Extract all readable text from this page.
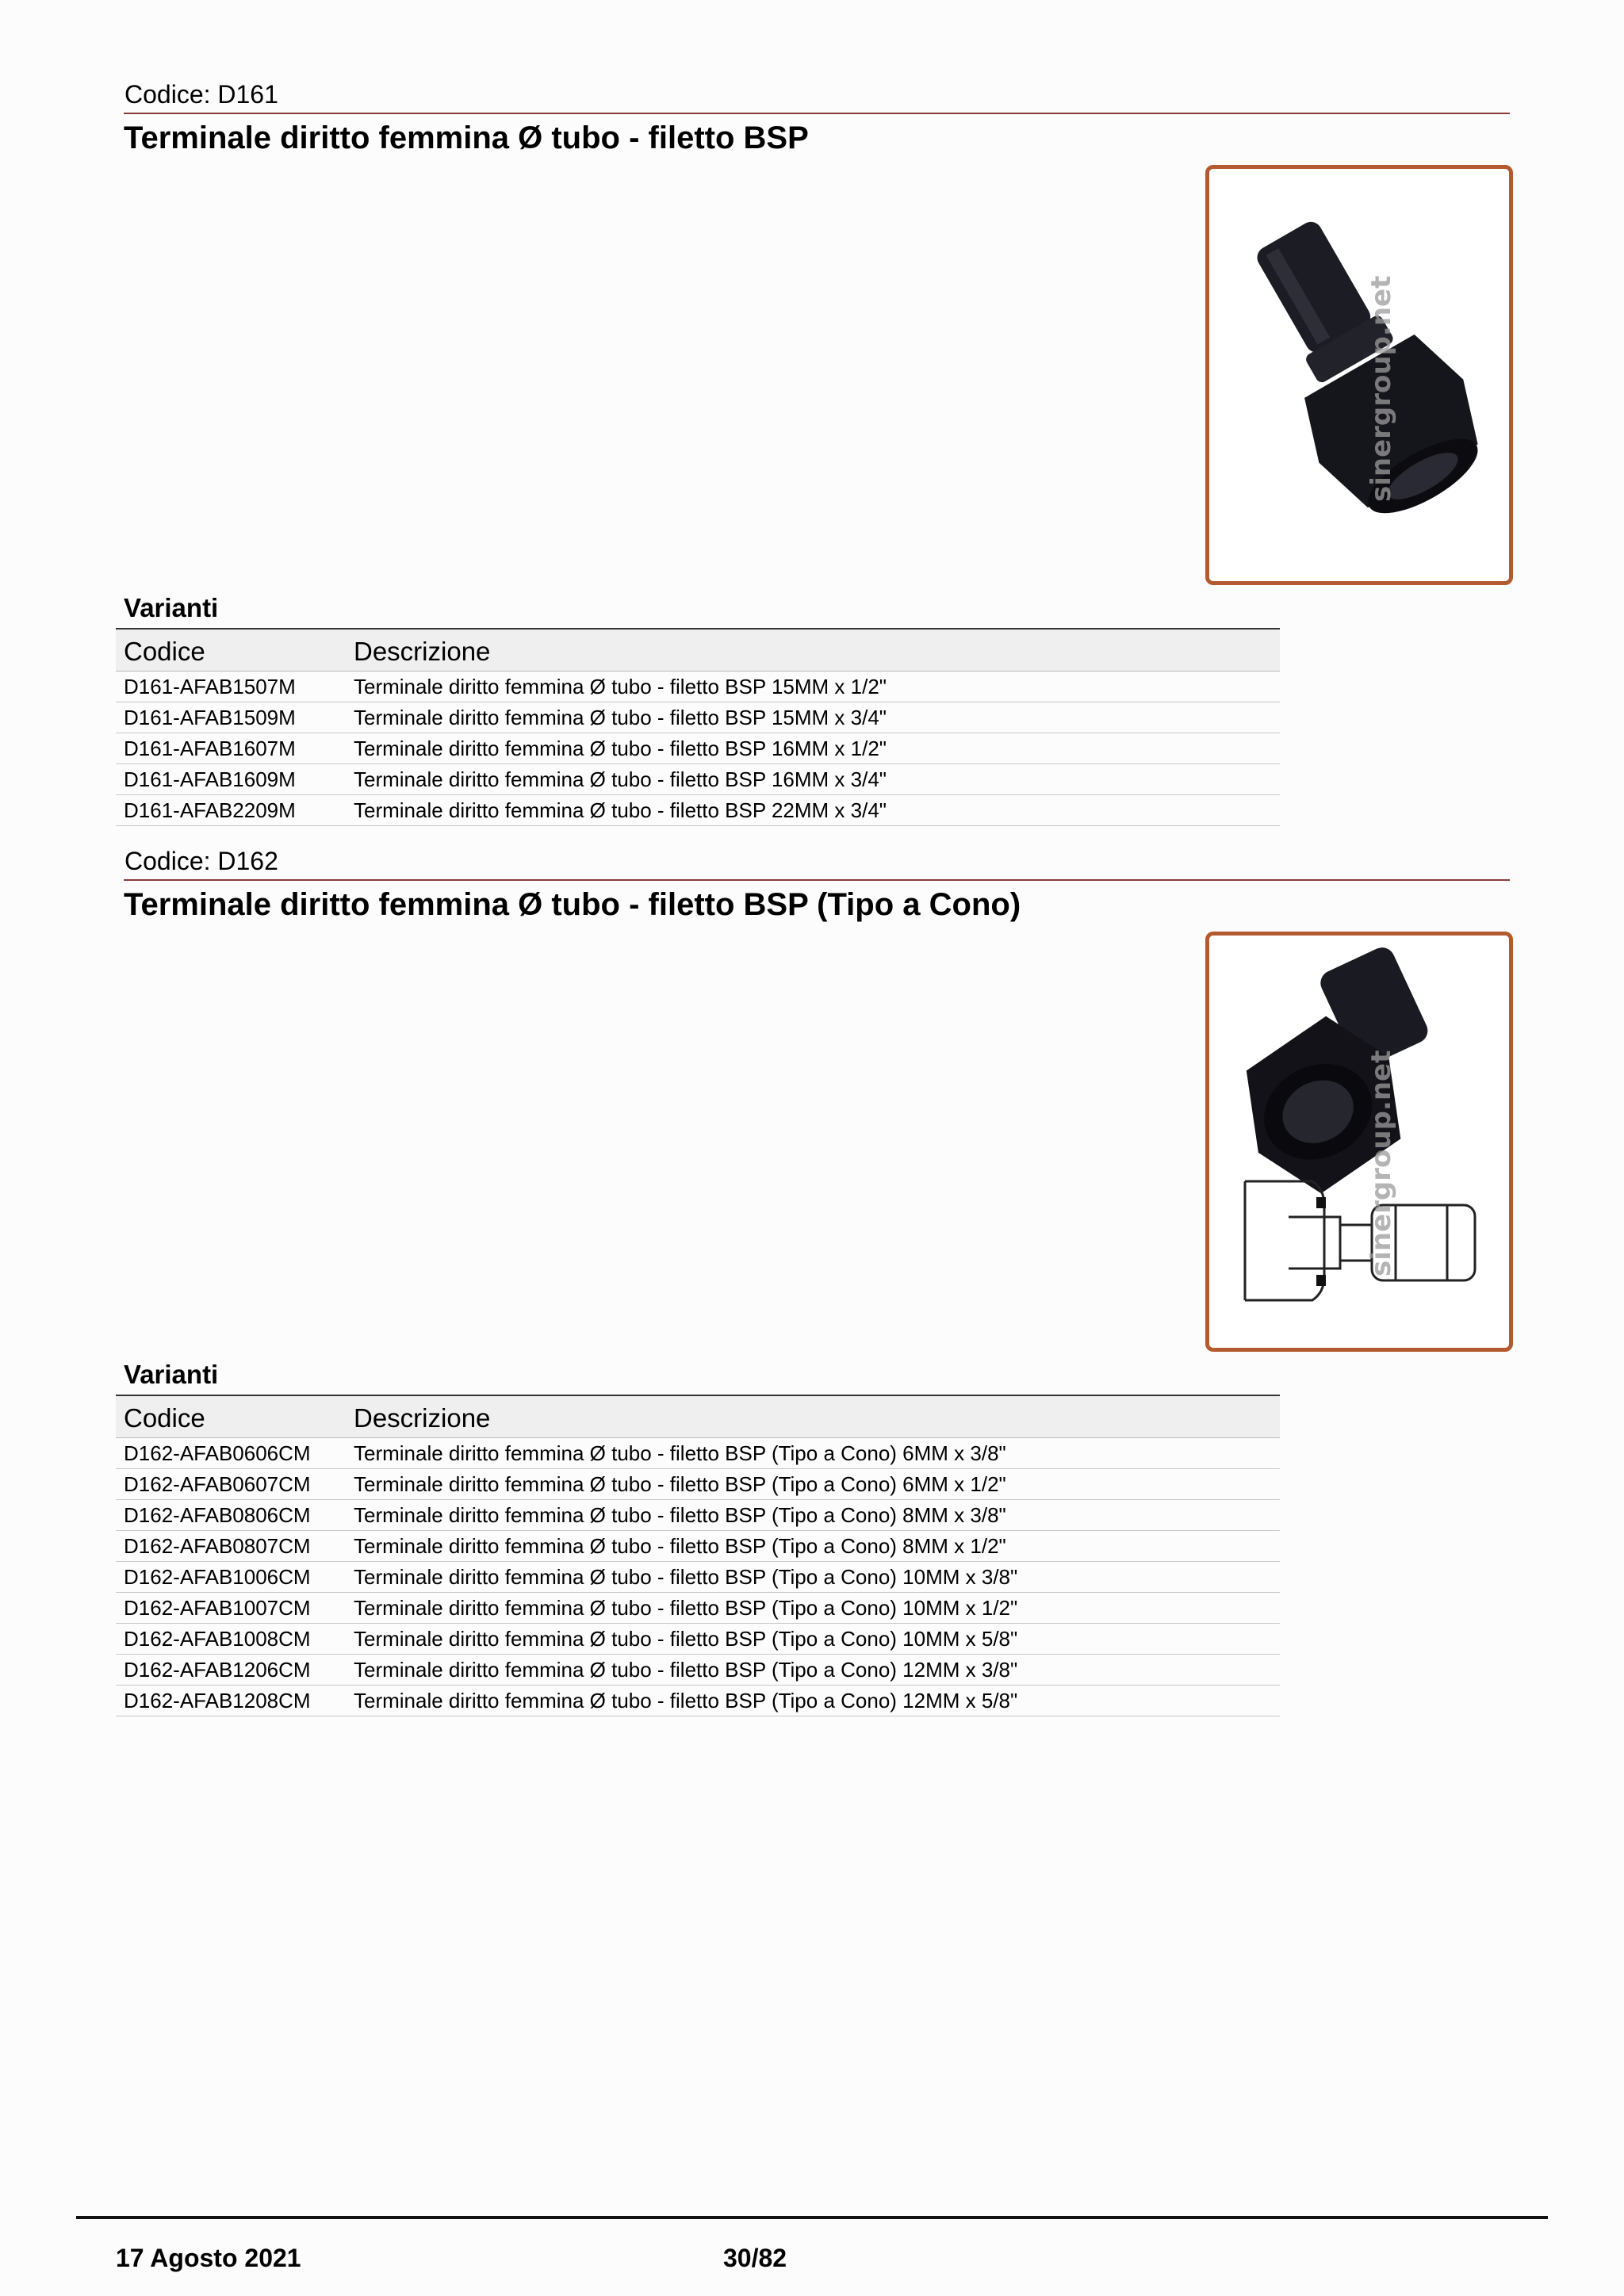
Codice: D161
Terminale diritto femmina Ø tubo - filetto BSP
sinergroup.net
Varianti
Codice	Descrizione
D161-AFAB1507M	Terminale diritto femmina Ø tubo - filetto BSP 15MM x 1/2"
D161-AFAB1509M	Terminale diritto femmina Ø tubo - filetto BSP 15MM x 3/4"
D161-AFAB1607M	Terminale diritto femmina Ø tubo - filetto BSP 16MM x 1/2"
D161-AFAB1609M	Terminale diritto femmina Ø tubo - filetto BSP 16MM x 3/4"
D161-AFAB2209M	Terminale diritto femmina Ø tubo - filetto BSP 22MM x 3/4"
Codice: D162
Terminale diritto femmina Ø tubo - filetto BSP (Tipo a Cono)
sinergroup.net
Varianti
Codice	Descrizione
D162-AFAB0606CM	Terminale diritto femmina Ø tubo - filetto BSP (Tipo a Cono) 6MM x 3/8"
D162-AFAB0607CM	Terminale diritto femmina Ø tubo - filetto BSP (Tipo a Cono) 6MM x 1/2"
D162-AFAB0806CM	Terminale diritto femmina Ø tubo - filetto BSP (Tipo a Cono) 8MM x 3/8"
D162-AFAB0807CM	Terminale diritto femmina Ø tubo - filetto BSP (Tipo a Cono) 8MM x 1/2"
D162-AFAB1006CM	Terminale diritto femmina Ø tubo - filetto BSP (Tipo a Cono) 10MM x 3/8"
D162-AFAB1007CM	Terminale diritto femmina Ø tubo - filetto BSP (Tipo a Cono) 10MM x 1/2"
D162-AFAB1008CM	Terminale diritto femmina Ø tubo - filetto BSP (Tipo a Cono) 10MM x 5/8"
D162-AFAB1206CM	Terminale diritto femmina Ø tubo - filetto BSP (Tipo a Cono) 12MM x 3/8"
D162-AFAB1208CM	Terminale diritto femmina Ø tubo - filetto BSP (Tipo a Cono) 12MM x 5/8"
17 Agosto 2021	30/82
